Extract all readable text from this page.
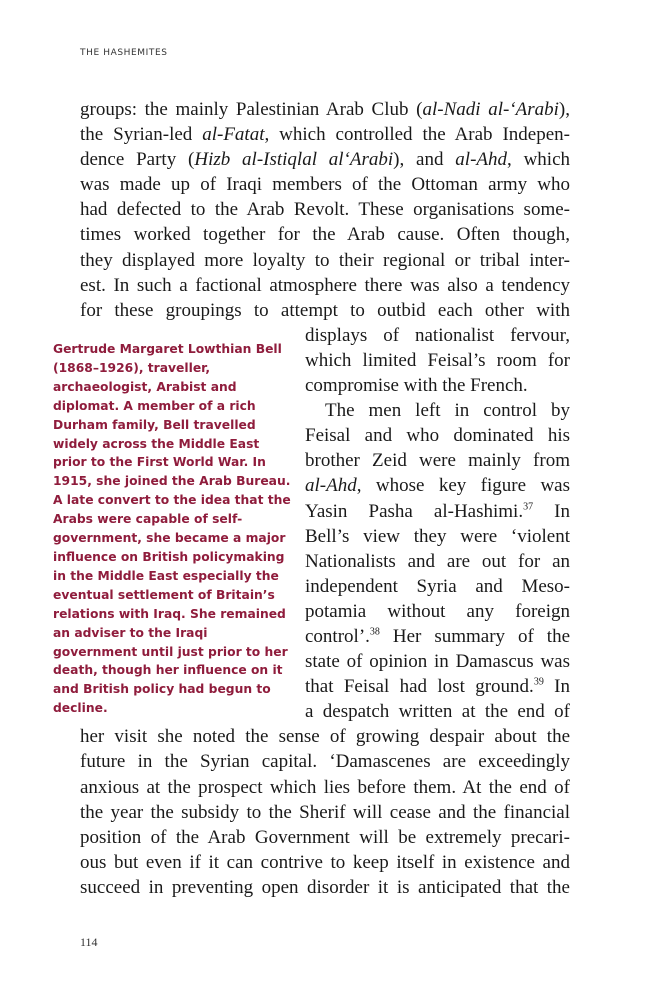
THE HASHEMITES
groups: the mainly Palestinian Arab Club (al-Nadi al-‘Arabi),
the Syrian-led al-Fatat, which controlled the Arab Indepen-
dence Party (Hizb al-Istiqlal al‘Arabi), and al-Ahd, which
was made up of Iraqi members of the Ottoman army who
had defected to the Arab Revolt. These organisations some-
times worked together for the Arab cause. Often though,
they displayed more loyalty to their regional or tribal inter-
est. In such a factional atmosphere there was also a tendency
for these groupings to attempt to outbid each other with
displays of nationalist fervour,
which limited Feisal’s room for
compromise with the French.
The men left in control by
Feisal and who dominated his
brother Zeid were mainly from
al-Ahd, whose key figure was
Yasin Pasha al-Hashimi.$^{37}$ In
Bell’s view they were ‘violent
Nationalists and are out for an
independent Syria and Meso-
potamia without any foreign
control’.$^{38}$ Her summary of the
state of opinion in Damascus was
that Feisal had lost ground.$^{39}$ In
a despatch written at the end of
her visit she noted the sense of growing despair about the
future in the Syrian capital. ‘Damascenes are exceedingly
anxious at the prospect which lies before them. At the end of
the year the subsidy to the Sherif will cease and the financial
position of the Arab Government will be extremely precari-
ous but even if it can contrive to keep itself in existence and
succeed in preventing open disorder it is anticipated that the
Gertrude Margaret Lowthian Bell
(1868–1926), traveller,
archaeologist, Arabist and
diplomat. A member of a rich
Durham family, Bell travelled
widely across the Middle East
prior to the First World War. In
1915, she joined the Arab Bureau.
A late convert to the idea that the
Arabs were capable of self-
government, she became a major
influence on British policymaking
in the Middle East especially the
eventual settlement of Britain’s
relations with Iraq. She remained
an adviser to the Iraqi
government until just prior to her
death, though her influence on it
and British policy had begun to
decline.
114
